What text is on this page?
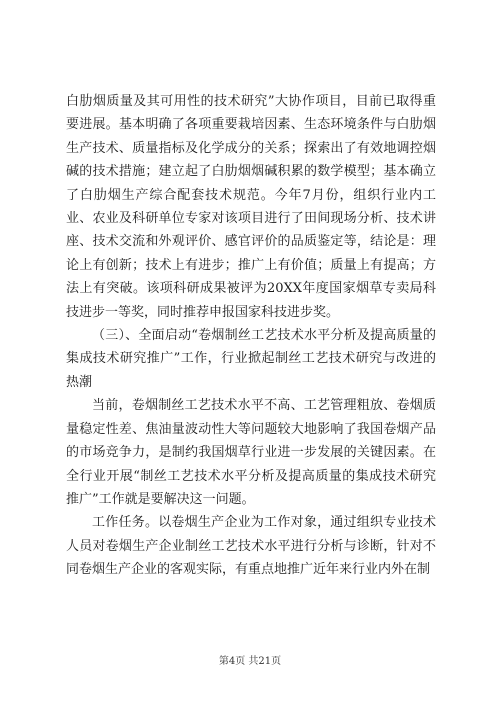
白肋烟质量及其可用性的技术研究”大协作项目，目前已取得重要进展。基本明确了各项重要栽培因素、生态环境条件与白肋烟生产技术、质量指标及化学成分的关系；探索出了有效地调控烟碱的技术措施；建立起了白肋烟烟碱积累的数学模型；基本确立了白肋烟生产综合配套技术规范。今年7月份，组织行业内工业、农业及科研单位专家对该项目进行了田间现场分析、技术讲座、技术交流和外观评价、感官评价的品质鉴定等，结论是：理论上有创新；技术上有进步；推广上有价值；质量上有提高；方法上有突破。该项科研成果被评为20XX年度国家烟草专卖局科技进步一等奖，同时推荐申报国家科技进步奖。

（三）、全面启动“卷烟制丝工艺技术水平分析及提高质量的集成技术研究推广”工作，行业掀起制丝工艺技术研究与改进的热潮

当前，卷烟制丝工艺技术水平不高、工艺管理粗放、卷烟质量稳定性差、焦油量波动性大等问题较大地影响了我国卷烟产品的市场竞争力，是制约我国烟草行业进一步发展的关键因素。在全行业开展“制丝工艺技术水平分析及提高质量的集成技术研究推广”工作就是要解决这一问题。

工作任务。以卷烟生产企业为工作对象，通过组织专业技术人员对卷烟生产企业制丝工艺技术水平进行分析与诊断，针对不同卷烟生产企业的客观实际，有重点地推广近年来行业内外在制

第4页 共21页
